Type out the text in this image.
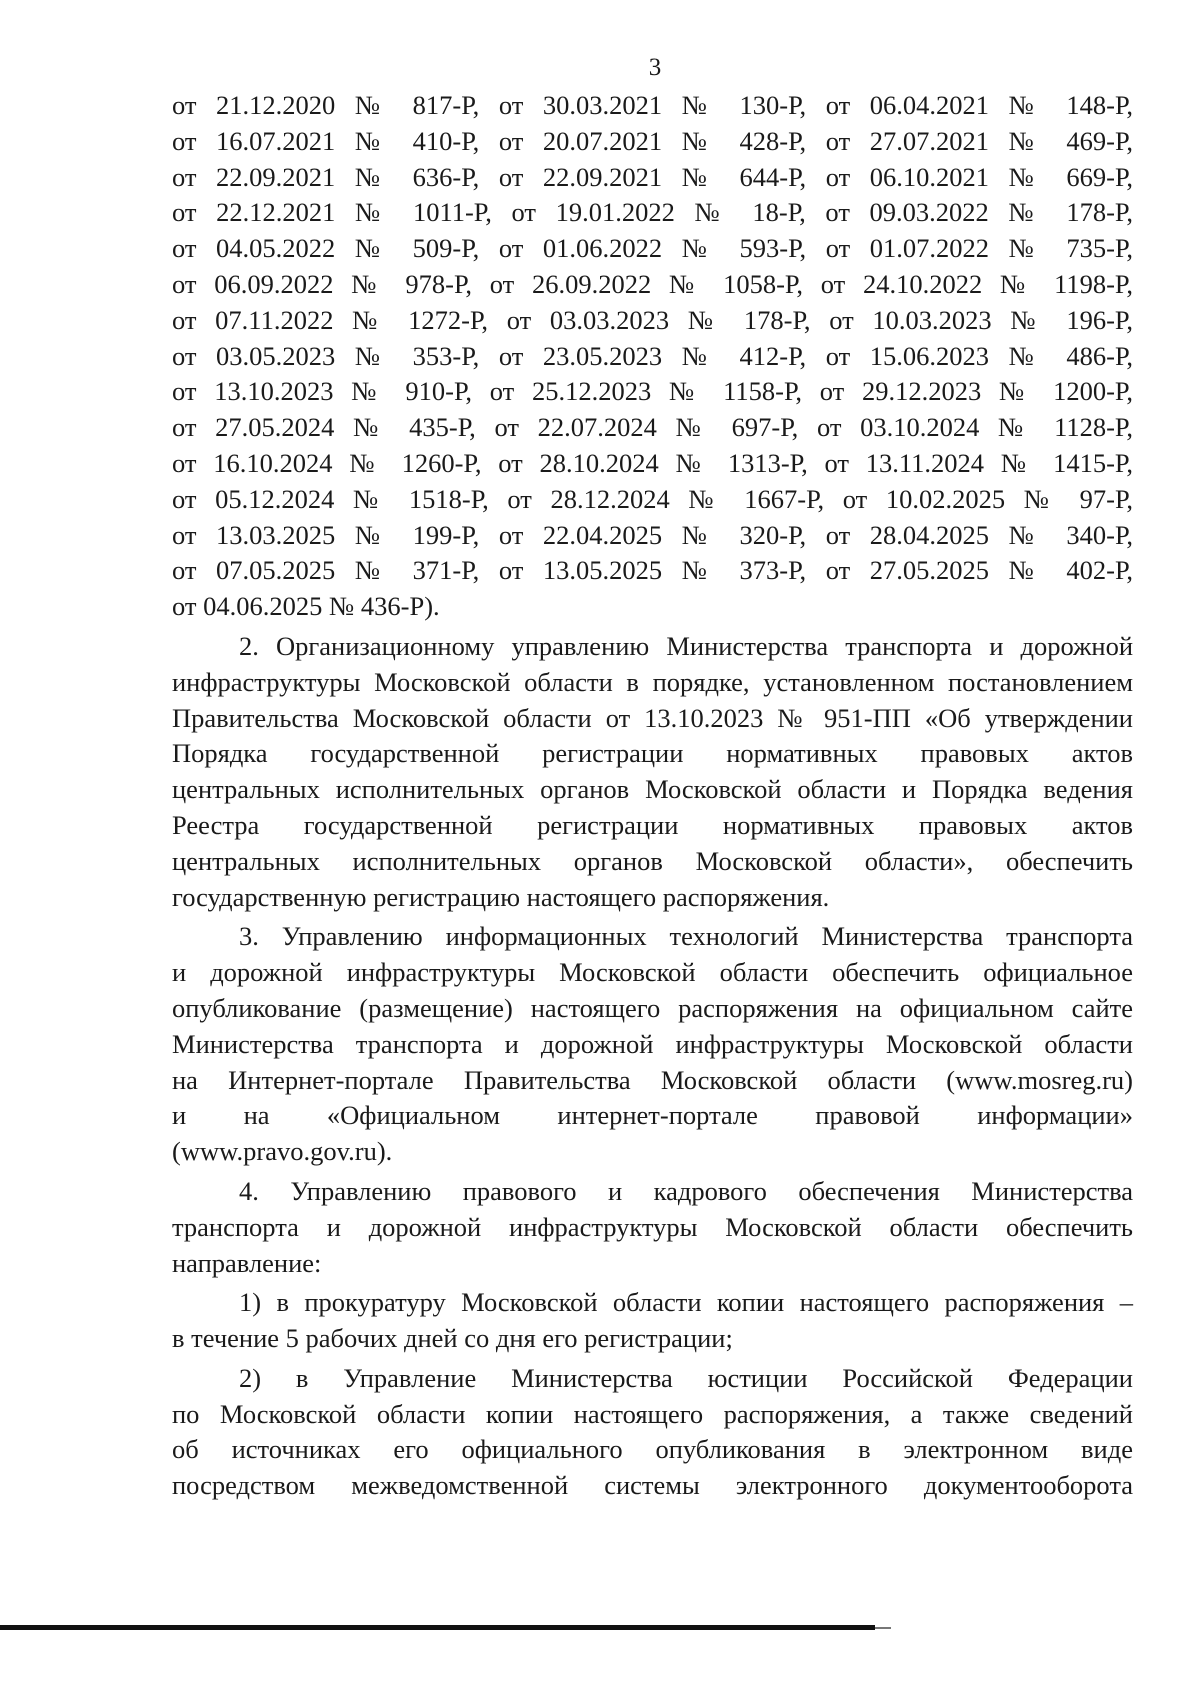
3
от 21.12.2020 № 817-Р, от 30.03.2021 № 130-Р, от 06.04.2021 № 148-Р,
от 16.07.2021 № 410-Р, от 20.07.2021 № 428-Р, от 27.07.2021 № 469-Р,
от 22.09.2021 № 636-Р, от 22.09.2021 № 644-Р, от 06.10.2021 № 669-Р,
от 22.12.2021 № 1011-Р, от 19.01.2022 № 18-Р, от 09.03.2022 № 178-Р,
от 04.05.2022 № 509-Р, от 01.06.2022 № 593-Р, от 01.07.2022 № 735-Р,
от 06.09.2022 № 978-Р, от 26.09.2022 № 1058-Р, от 24.10.2022 № 1198-Р,
от 07.11.2022 № 1272-Р, от 03.03.2023 № 178-Р, от 10.03.2023 № 196-Р,
от 03.05.2023 № 353-Р, от 23.05.2023 № 412-Р, от 15.06.2023 № 486-Р,
от 13.10.2023 № 910-Р, от 25.12.2023 № 1158-Р, от 29.12.2023 № 1200-Р,
от 27.05.2024 № 435-Р, от 22.07.2024 № 697-Р, от 03.10.2024 № 1128-Р,
от 16.10.2024 № 1260-Р, от 28.10.2024 № 1313-Р, от 13.11.2024 № 1415-Р,
от 05.12.2024 № 1518-Р, от 28.12.2024 № 1667-Р, от 10.02.2025 № 97-Р,
от 13.03.2025 № 199-Р, от 22.04.2025 № 320-Р, от 28.04.2025 № 340-Р,
от 07.05.2025 № 371-Р, от 13.05.2025 № 373-Р, от 27.05.2025 № 402-Р,
от 04.06.2025 № 436-Р).
2. Организационному управлению Министерства транспорта и дорожной
инфраструктуры Московской области в порядке, установленном постановлением
Правительства Московской области от 13.10.2023 № 951-ПП «Об утверждении
Порядка государственной регистрации нормативных правовых актов
центральных исполнительных органов Московской области и Порядка ведения
Реестра государственной регистрации нормативных правовых актов
центральных исполнительных органов Московской области», обеспечить
государственную регистрацию настоящего распоряжения.
3. Управлению информационных технологий Министерства транспорта
и дорожной инфраструктуры Московской области обеспечить официальное
опубликование (размещение) настоящего распоряжения на официальном сайте
Министерства транспорта и дорожной инфраструктуры Московской области
на Интернет-портале Правительства Московской области (www.mosreg.ru)
и на «Официальном интернет-портале правовой информации»
(www.pravo.gov.ru).
4. Управлению правового и кадрового обеспечения Министерства
транспорта и дорожной инфраструктуры Московской области обеспечить
направление:
1) в прокуратуру Московской области копии настоящего распоряжения –
в течение 5 рабочих дней со дня его регистрации;
2) в Управление Министерства юстиции Российской Федерации
по Московской области копии настоящего распоряжения, а также сведений
об источниках его официального опубликования в электронном виде
посредством межведомственной системы электронного документооборота
